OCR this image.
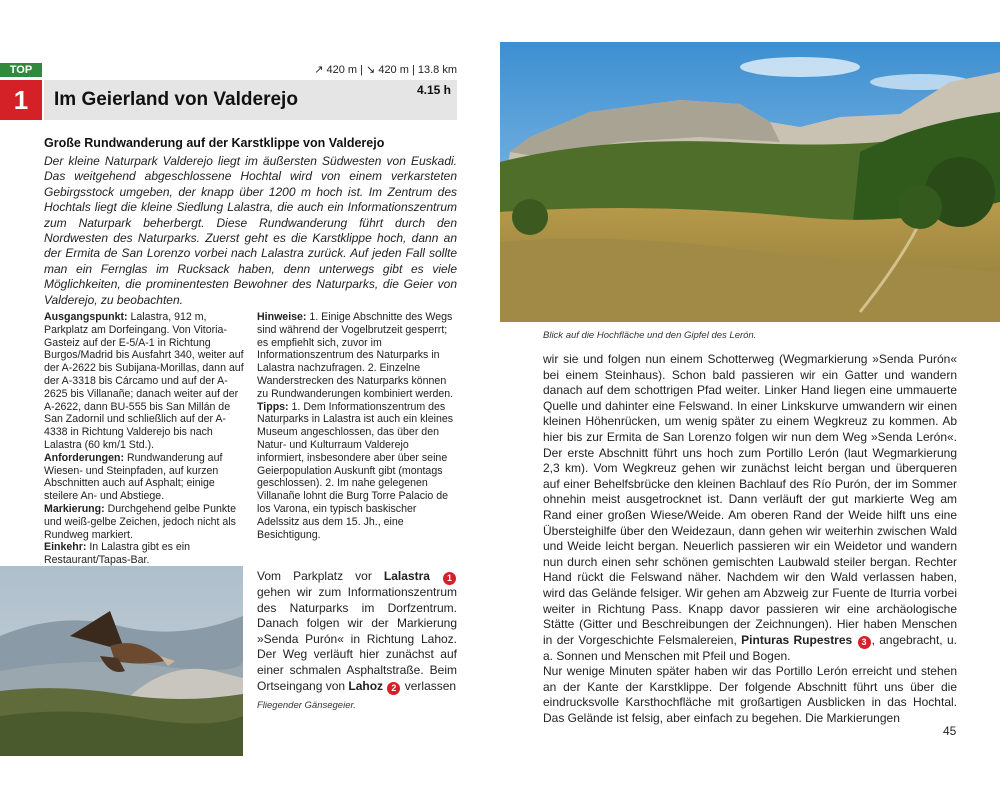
TOP
1	Im Geierland von Valderejo	4.15 h
↗ 420 m | ↘ 420 m | 13.8 km
Große Rundwanderung auf der Karstklippe von Valderejo
Der kleine Naturpark Valderejo liegt im äußersten Südwesten von Euskadi. Das weitgehend abgeschlossene Hochtal wird von einem verkarsteten Gebirgsstock umgeben, der knapp über 1200 m hoch ist. Im Zentrum des Hochtals liegt die kleine Siedlung Lalastra, die auch ein Informationszentrum zum Naturpark beherbergt. Diese Rundwanderung führt durch den Nordwesten des Naturparks. Zuerst geht es die Karstklippe hoch, dann an der Ermita de San Lorenzo vorbei nach Lalastra zurück. Auf jeden Fall sollte man ein Fernglas im Rucksack haben, denn unterwegs gibt es viele Möglichkeiten, die prominentesten Bewohner des Naturparks, die Geier von Valderejo, zu beobachten.

Ausgangspunkt: Lalastra, 912 m, Parkplatz am Dorfeingang. Von Vitoria-Gasteiz auf der E-5/A-1 in Richtung Burgos/Madrid bis Ausfahrt 340, weiter auf der A-2622 bis Subijana-Morillas, dann auf der A-3318 bis Cárcamo und auf der A-2625 bis Villanañe; danach weiter auf der A-2622, dann BU-555 bis San Millán de San Zadornil und schließlich auf der A-4338 in Richtung Valderejo bis nach Lalastra (60 km/1 Std.).

Anforderungen: Rundwanderung auf Wiesen- und Steinpfaden, auf kurzen Abschnitten auch auf Asphalt; einige steilere An- und Abstiege.

Markierung: Durchgehend gelbe Punkte und weiß-gelbe Zeichen, jedoch nicht als Rundweg markiert.

Einkehr: In Lalastra gibt es ein Restaurant/Tapas-Bar.

Hinweise: 1. Einige Abschnitte des Wegs sind während der Vogelbrutzeit gesperrt; es empfiehlt sich, zuvor im Informationszentrum des Naturparks in Lalastra nachzufragen. 2. Einzelne Wanderstrecken des Naturparks können zu Rundwanderungen kombiniert werden.

Tipps: 1. Dem Informationszentrum des Naturparks in Lalastra ist auch ein kleines Museum angeschlossen, das über den Natur- und Kulturraum Valderejo informiert, insbesondere aber über seine Geierpopulation Auskunft gibt (montags geschlossen). 2. Im nahe gelegenen Villanañe lohnt die Burg Torre Palacio de los Varona, ein typisch baskischer Adelssitz aus dem 15. Jh., eine Besichtigung.

Blick auf die Hochfläche und den Gipfel des Lerón.
Fliegender Gänsegeier.
Vom Parkplatz vor Lalastra 1 gehen wir zum Informationszentrum des Naturparks im Dorfzentrum. Danach folgen wir der Markierung »Senda Purón« in Richtung Lahoz. Der Weg verläuft hier zunächst auf einer schmalen Asphaltstraße. Beim Ortseingang von Lahoz 2 verlassen
wir sie und folgen nun einem Schotterweg (Wegmarkierung »Senda Purón« bei einem Steinhaus). Schon bald passieren wir ein Gatter und wandern danach auf dem schottrigen Pfad weiter. Linker Hand liegen eine ummauerte Quelle und dahinter eine Felswand. In einer Linkskurve umwandern wir einen kleinen Höhenrücken, um wenig später zu einem Wegkreuz zu kommen. Ab hier bis zur Ermita de San Lorenzo folgen wir nun dem Weg »Senda Lerón«. Der erste Abschnitt führt uns hoch zum Portillo Lerón (laut Wegmarkierung 2,3 km). Vom Wegkreuz gehen wir zunächst leicht bergan und überqueren auf einer Behelfsbrücke den kleinen Bachlauf des Río Purón, der im Sommer ohnehin meist ausgetrocknet ist. Dann verläuft der gut markierte Weg am Rand einer großen Wiese/Weide. Am oberen Rand der Weide hilft uns eine Übersteighilfe über den Weidezaun, dann gehen wir weiterhin zwischen Wald und Weide leicht bergan. Neuerlich passieren wir ein Weidetor und wandern nun durch einen sehr schönen gemischten Laubwald steiler bergan. Rechter Hand rückt die Felswand näher. Nachdem wir den Wald verlassen haben, wird das Gelände felsiger. Wir gehen am Abzweig zur Fuente de Iturria vorbei weiter in Richtung Pass. Knapp davor passieren wir eine archäologische Stätte (Gitter und Beschreibungen der Zeichnungen). Hier haben Menschen in der Vorgeschichte Felsmalereien, Pinturas Rupestres 3 , angebracht, u. a. Sonnen und Menschen mit Pfeil und Bogen.
Nur wenige Minuten später haben wir das Portillo Lerón erreicht und stehen an der Kante der Karstklippe. Der folgende Abschnitt führt uns über die eindrucksvolle Karsthochfläche mit großartigen Ausblicken in das Hochtal. Das Gelände ist felsig, aber einfach zu begehen. Die Markierungen
45
